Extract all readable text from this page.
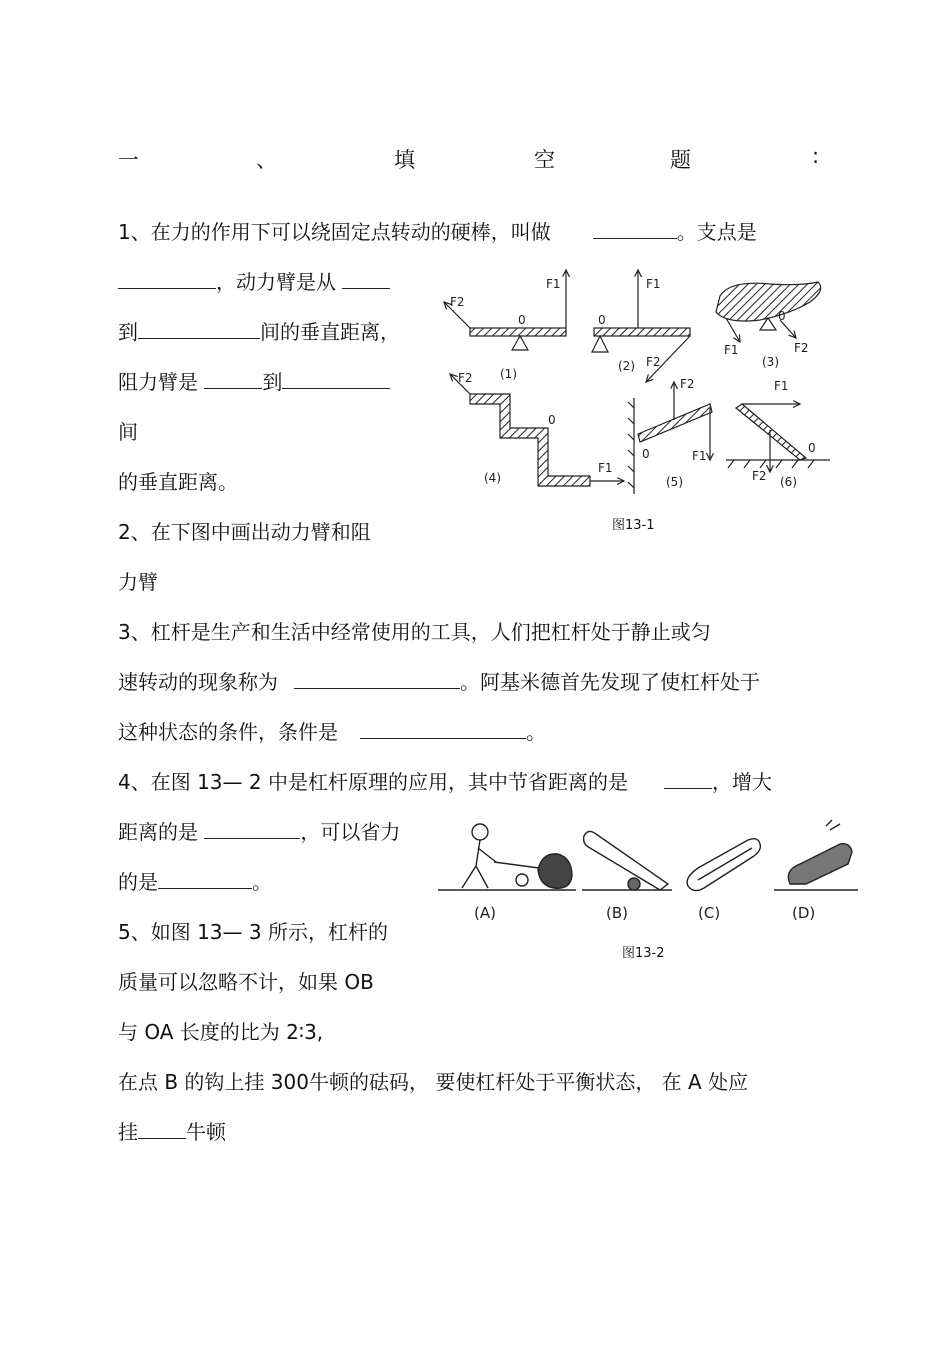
一	、	填	空	题	:
1、在力的作用下可以绕固定点转动的硬棒，叫做	。支点是
，动力臂是从
到	间的垂直距离，
阻力臂是	到
间
的垂直距离。
2、在下图中画出动力臂和阻
力臂
3、杠杆是生产和生活中经常使用的工具，人们把杠杆处于静止或匀
速转动的现象称为	。阿基米德首先发现了使杠杆处于
这种状态的条件，条件是	。
4、在图 13— 2 中是杠杆原理的应用，其中节省距离的是	，增大
距离的是	，可以省力
的是	。
5、如图 13— 3 所示，杠杆的
质量可以忽略不计，如果 OB
与 OA 长度的比为 2∶3,
在点 B 的钩上挂 300牛顿的砝码， 要使杠杆处于平衡状态， 在 A 处应
挂 牛顿
F1
F2
0
(1)
F1
0
F2
(2)
0
F1	F2
(3)
F2
0
F1
(4)
F2
0	F1
(5)
F1
0
F2 (6)
图13-1
(A)	(B)	(C)	(D)
图13-2
